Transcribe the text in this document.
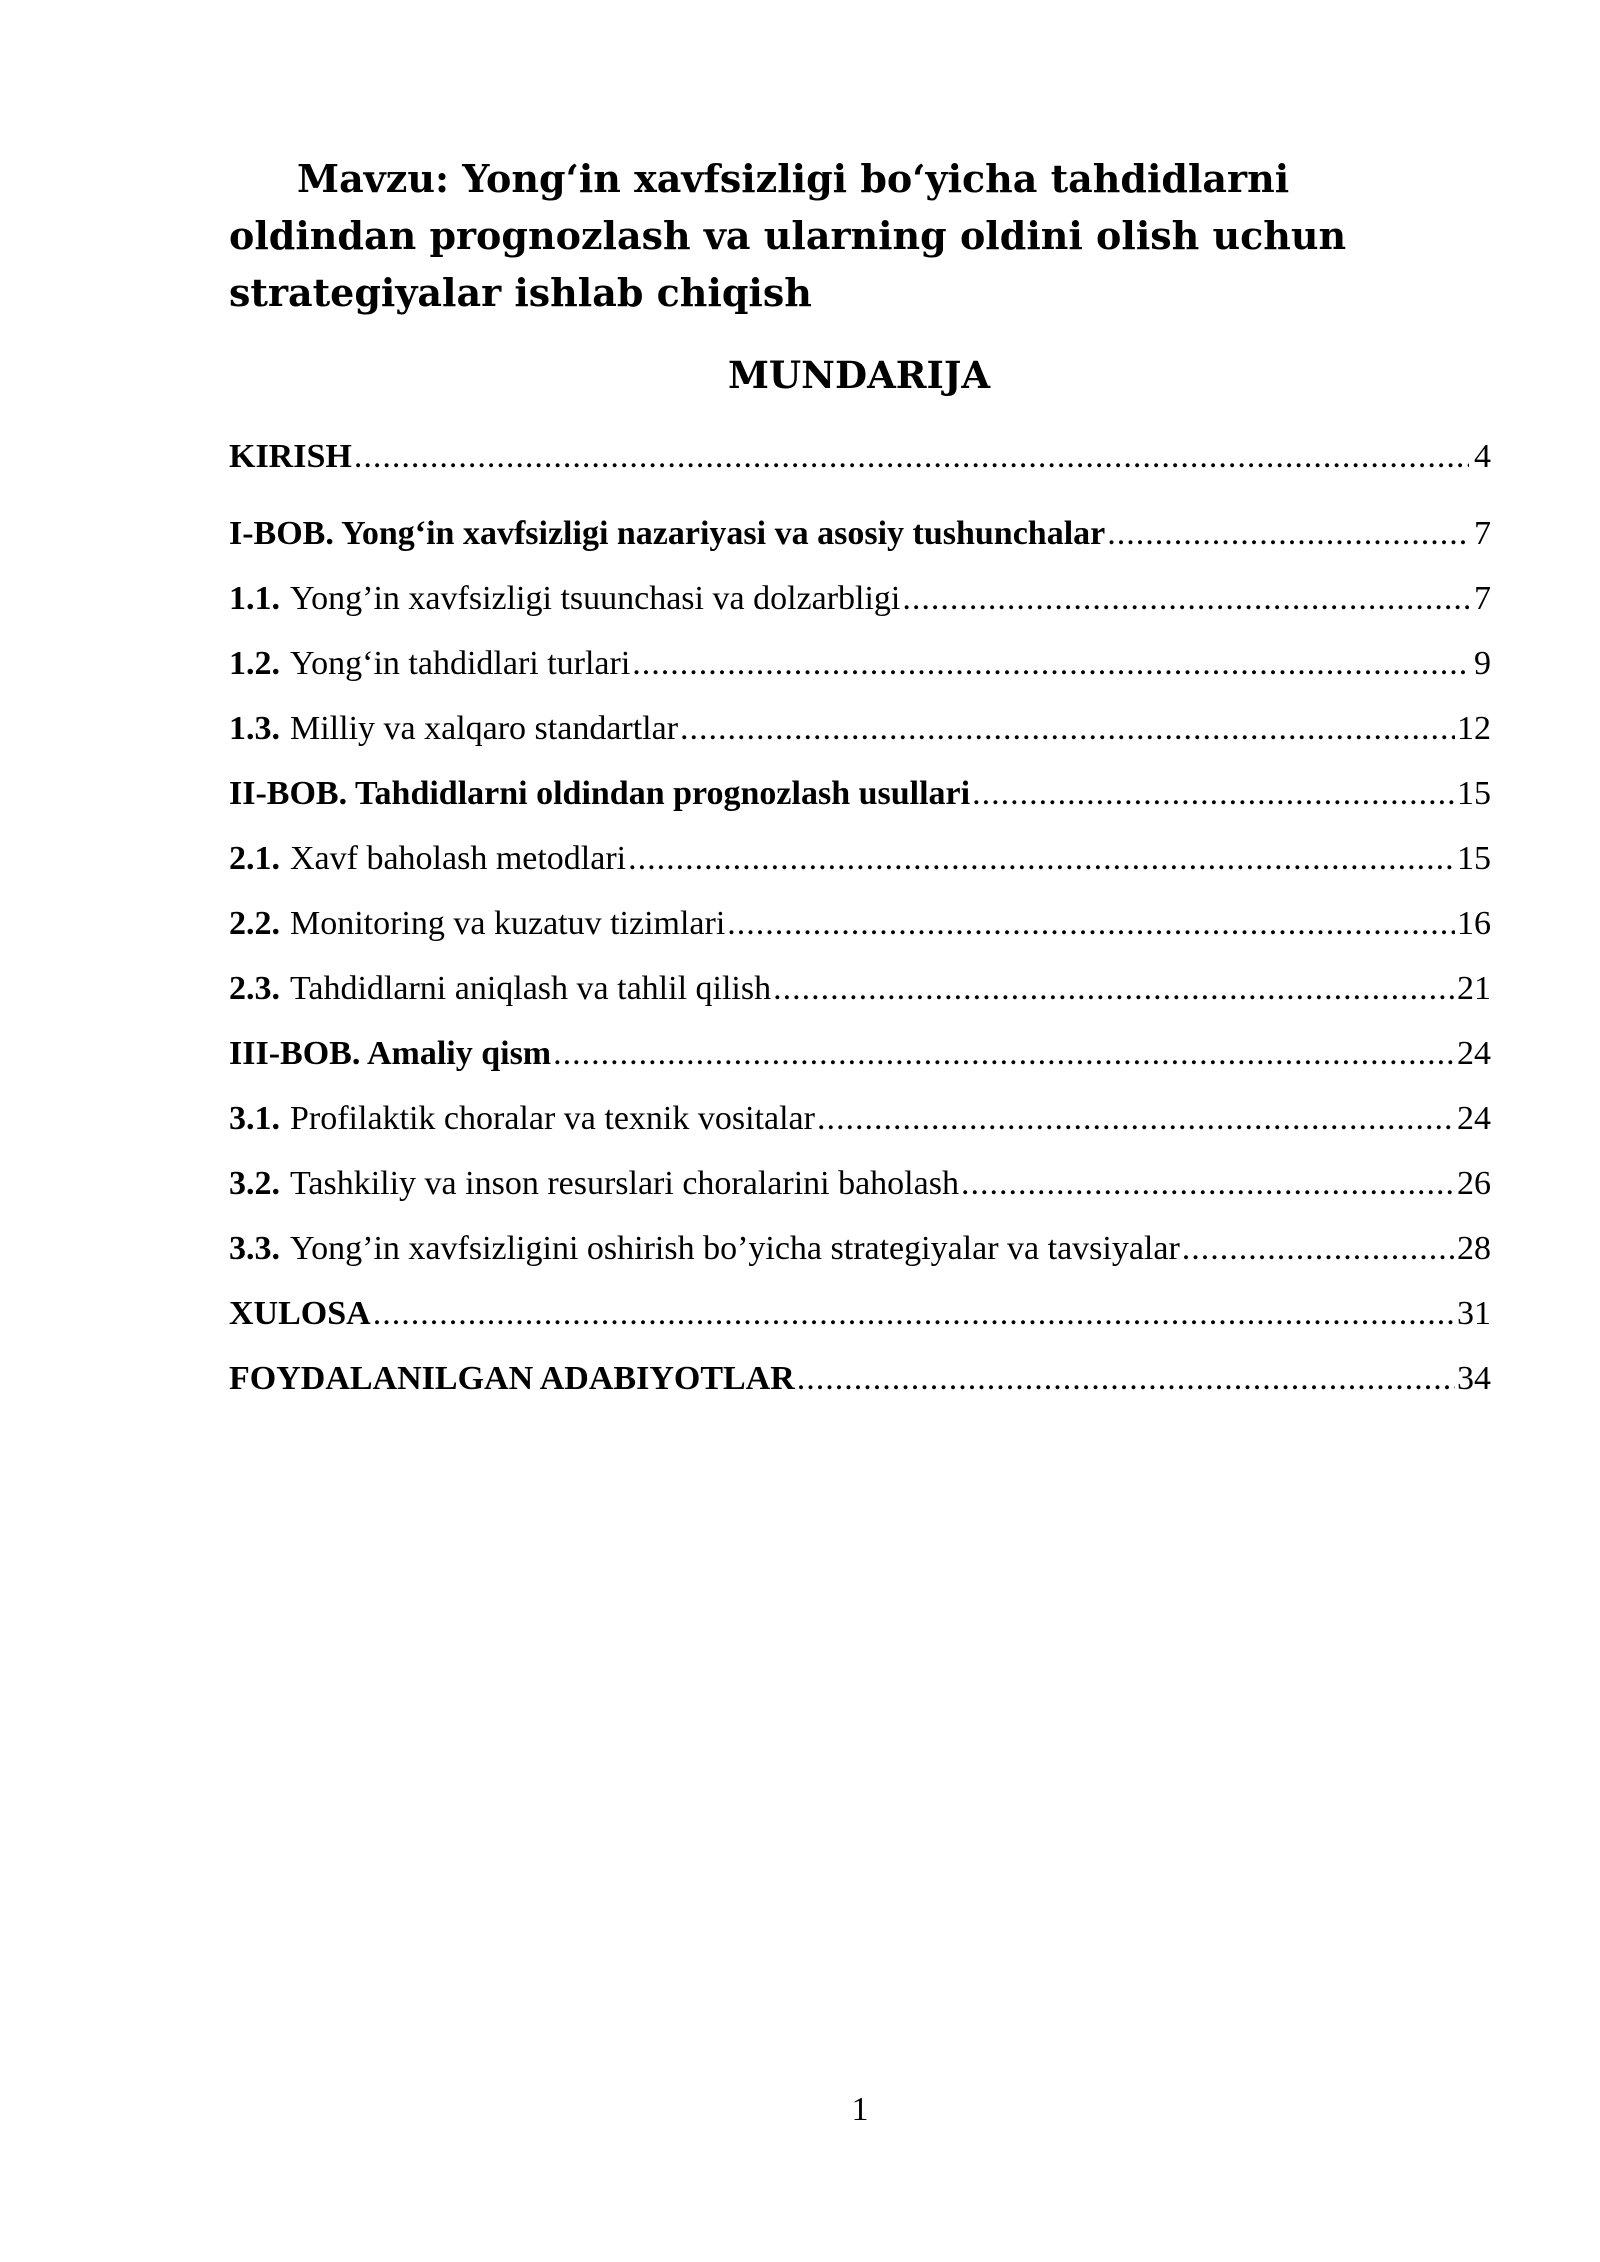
Mavzu: Yong‘in xavfsizligi bo‘yicha tahdidlarni oldindan prognozlash va ularning oldini olish uchun strategiyalar ishlab chiqish
MUNDARIJA
KIRISH .....	4
I-BOB. Yong‘in xavfsizligi nazariyasi va asosiy tushunchalar .....	7
1.1. Yong’in xavfsizligi tsuunchasi va dolzarbligi .....	7
1.2. Yong‘in tahdidlari turlari .....	9
1.3. Milliy va xalqaro standartlar .....	12
II-BOB. Tahdidlarni oldindan prognozlash usullari .....	15
2.1. Xavf baholash metodlari .....	15
2.2. Monitoring va kuzatuv tizimlari .....	16
2.3. Tahdidlarni aniqlash va tahlil qilish .....	21
III-BOB. Amaliy qism .....	24
3.1. Profilaktik choralar va texnik vositalar .....	24
3.2. Tashkiliy va inson resurslari choralarini baholash .....	26
3.3. Yong’in xavfsizligini oshirish bo’yicha strategiyalar va tavsiyalar .....	28
XULOSA .....	31
FOYDALANILGAN ADABIYOTLAR .....	34

1
